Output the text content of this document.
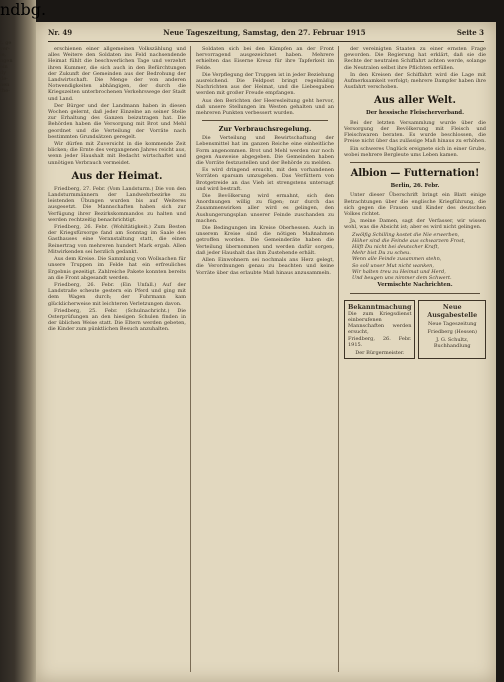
t. ge
ver-
ie,
ngen
ein
dy
de-
nen
the-
ndbg.
Nr. 49	Neue Tageszeitung, Samstag, den 27. Februar 1915	Seite 3

erschienen einer allgemeinen Volkszählung und alles Weitere den Soldaten ins Feld nachsendende Heimat fühlt die beschwerlichen Tage und verzehrt ihren Kummer, die sich auch in den Befürchtungen der Zukunft der Gemeinden aus der Bedrohung der Landwirtschaft. Die Menge der von anderen Notwendigkeiten abhängigen, der durch die Kriegszeiten unterbrochenen Verkehrswege der Stadt und Land.

Der Bürger und der Landmann haben in diesen Wochen gelernt, daß jeder Einzelne an seiner Stelle zur Erhaltung des Ganzen beizutragen hat. Die Behörden haben die Versorgung mit Brot und Mehl geordnet und die Verteilung der Vorräte nach bestimmten Grundsätzen geregelt.

Wir dürfen mit Zuversicht in die kommende Zeit blicken; die Ernte des vergangenen Jahres reicht aus, wenn jeder Haushalt mit Bedacht wirtschaftet und unnötigen Verbrauch vermeidet.

Aus der Heimat.

Friedberg, 27. Febr. (Vom Landsturm.) Die von den Landsturmmännern der Landwehrbezirke zu leistenden Übungen wurden bis auf Weiteres ausgesetzt. Die Mannschaften haben sich zur Verfügung ihrer Bezirkskommandos zu halten und werden rechtzeitig benachrichtigt.

Friedberg, 26. Febr. (Wohltätigkeit.) Zum Besten der Kriegsfürsorge fand am Sonntag im Saale des Gasthauses eine Veranstaltung statt, die einen Reinertrag von mehreren hundert Mark ergab. Allen Mitwirkenden sei herzlich gedankt.

Aus dem Kreise. Die Sammlung von Wollsachen für unsere Truppen im Felde hat ein erfreuliches Ergebnis gezeitigt. Zahlreiche Pakete konnten bereits an die Front abgesandt werden.

Friedberg, 26. Febr. (Ein Unfall.) Auf der Landstraße scheute gestern ein Pferd und ging mit dem Wagen durch; der Fuhrmann kam glücklicherweise mit leichteren Verletzungen davon.

Friedberg, 25. Febr. (Schulnachricht.) Die Osterprüfungen an den hiesigen Schulen finden in der üblichen Weise statt. Die Eltern werden gebeten, die Kinder zum pünktlichen Besuch anzuhalten.

Soldaten sich bei den Kämpfen an der Front hervorragend ausgezeichnet haben. Mehrere erhielten das Eiserne Kreuz für ihre Tapferkeit im Felde.

Die Verpflegung der Truppen ist in jeder Beziehung ausreichend. Die Feldpost bringt regelmäßig Nachrichten aus der Heimat, und die Liebesgaben werden mit großer Freude empfangen.

Aus den Berichten der Heeresleitung geht hervor, daß unsere Stellungen im Westen gehalten und an mehreren Punkten verbessert wurden.

Zur Verbrauchsregelung.

Die Verteilung und Bewirtschaftung der Lebensmittel hat im ganzen Reiche eine einheitliche Form angenommen. Brot und Mehl werden nur noch gegen Ausweise abgegeben. Die Gemeinden haben die Vorräte festzustellen und der Behörde zu melden.

Es wird dringend ersucht, mit den vorhandenen Vorräten sparsam umzugehen. Das Verfüttern von Brotgetreide an das Vieh ist strengstens untersagt und wird bestraft.

Die Bevölkerung wird ermahnt, sich den Anordnungen willig zu fügen; nur durch das Zusammenwirken aller wird es gelingen, den Aushungerungsplan unserer Feinde zuschanden zu machen.

Die Bedingungen im Kreise Oberhessen. Auch in unserem Kreise sind die nötigen Maßnahmen getroffen worden. Die Gemeinderäte haben die Verteilung übernommen und werden dafür sorgen, daß jeder Haushalt das ihm Zustehende erhält.

Allen Einwohnern sei nochmals ans Herz gelegt, die Verordnungen genau zu beachten und keine Vorräte über das erlaubte Maß hinaus anzusammeln.

der vereinigten Staaten zu einer ernsten Frage geworden. Die Regierung hat erklärt, daß sie die Rechte der neutralen Schiffahrt achten werde, solange die Neutralen selbst ihre Pflichten erfüllen.

In den Kreisen der Schiffahrt wird die Lage mit Aufmerksamkeit verfolgt; mehrere Dampfer haben ihre Ausfahrt verschoben.

Aus aller Welt.
Der hessische Fleischerverband.

Bei der letzten Versammlung wurde über die Versorgung der Bevölkerung mit Fleisch und Fleischwaren beraten. Es wurde beschlossen, die Preise nicht über das zulässige Maß hinaus zu erhöhen.

Ein schweres Unglück ereignete sich in einer Grube, wobei mehrere Bergleute ums Leben kamen.

Albion — Futternation!
Berlin, 26. Febr.

Unter dieser Überschrift bringt ein Blatt einige Betrachtungen über die englische Kriegführung, die sich gegen die Frauen und Kinder des deutschen Volkes richtet.

Ja, meine Damen, sagt der Verfasser, wir wissen wohl, was die Absicht ist; aber es wird nicht gelingen.

Zwölfig Schilling kostet die Nie erwerben,
Höher sind die Feinde aus schwarzem Frost,
Hilft Du nicht bei deutscher Kraft,
Mehr bist Du zu scheu.
Wenn alle Feinde zusammen stehn,
So soll unser Mut nicht wanken,
Wir halten treu zu Heimat und Herd,
Und beugen uns nimmer dem Schwert.
Vermischte Nachrichten.
Bekanntmachung
Die zum Kriegsdienst einberufenen Mannschaften werden ersucht,
Friedberg, 26. Febr. 1915.
Der Bürgermeister.
Neue Ausgabestelle
Neue Tageszeitung
Friedberg (Hessen)
J. G. Schultz, Buchhandlung
